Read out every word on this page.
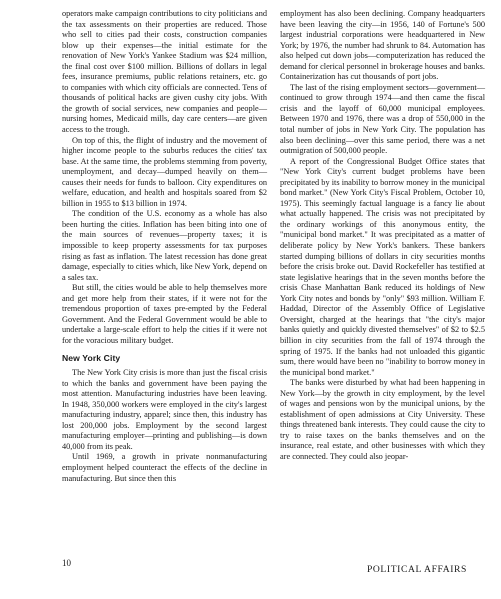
operators make campaign contributions to city politicians and the tax assessments on their properties are reduced. Those who sell to cities pad their costs, construction companies blow up their expenses—the initial estimate for the renovation of New York's Yankee Stadium was $24 million, the final cost over $100 million. Billions of dollars in legal fees, insurance premiums, public relations retainers, etc. go to companies with which city officials are connected. Tens of thousands of political hacks are given cushy city jobs. With the growth of social services, new companies and people—nursing homes, Medicaid mills, day care centers—are given access to the trough.

On top of this, the flight of industry and the movement of higher income people to the suburbs reduces the cities' tax base. At the same time, the problems stemming from poverty, unemployment, and decay—dumped heavily on them—causes their needs for funds to balloon. City expenditures on welfare, education, and health and hospitals soared from $2 billion in 1955 to $13 billion in 1974.

The condition of the U.S. economy as a whole has also been hurting the cities. Inflation has been biting into one of the main sources of revenues—property taxes; it is impossible to keep property assessments for tax purposes rising as fast as inflation. The latest recession has done great damage, especially to cities which, like New York, depend on a sales tax.

But still, the cities would be able to help themselves more and get more help from their states, if it were not for the tremendous proportion of taxes pre-empted by the Federal Government. And the Federal Government would be able to undertake a large-scale effort to help the cities if it were not for the voracious military budget.

New York City

The New York City crisis is more than just the fiscal crisis to which the banks and government have been paying the most attention. Manufacturing industries have been leaving. In 1948, 350,000 workers were employed in the city's largest manufacturing industry, apparel; since then, this industry has lost 200,000 jobs. Employment by the second largest manufacturing employer—printing and publishing—is down 40,000 from its peak.

Until 1969, a growth in private nonmanufacturing employment helped counteract the effects of the decline in manufacturing. But since then this

employment has also been declining. Company headquarters have been leaving the city—in 1956, 140 of Fortune's 500 largest industrial corporations were headquartered in New York; by 1976, the number had shrunk to 84. Automation has also helped cut down jobs—computerization has reduced the demand for clerical personnel in brokerage houses and banks. Containerization has cut thousands of port jobs.

The last of the rising employment sectors—government—continued to grow through 1974—and then came the fiscal crisis and the layoff of 60,000 municipal employees. Between 1970 and 1976, there was a drop of 550,000 in the total number of jobs in New York City. The population has also been declining—over this same period, there was a net outmigration of 500,000 people.

A report of the Congressional Budget Office states that "New York City's current budget problems have been precipitated by its inability to borrow money in the municipal bond market." (New York City's Fiscal Problem, October 10, 1975). This seemingly factual language is a fancy lie about what actually happened. The crisis was not precipitated by the ordinary workings of this anonymous entity, the "municipal bond market." It was precipitated as a matter of deliberate policy by New York's bankers. These bankers started dumping billions of dollars in city securities months before the crisis broke out. David Rockefeller has testified at state legislative hearings that in the seven months before the crisis Chase Manhattan Bank reduced its holdings of New York City notes and bonds by "only" $93 million. William F. Haddad, Director of the Assembly Office of Legislative Oversight, charged at the hearings that "the city's major banks quietly and quickly divested themselves" of $2 to $2.5 billion in city securities from the fall of 1974 through the spring of 1975. If the banks had not unloaded this gigantic sum, there would have been no "inability to borrow money in the municipal bond market."

The banks were disturbed by what had been happening in New York—by the growth in city employment, by the level of wages and pensions won by the municipal unions, by the establishment of open admissions at City University. These things threatened bank interests. They could cause the city to try to raise taxes on the banks themselves and on the insurance, real estate, and other businesses with which they are connected. They could also jeopar-

10
POLITICAL AFFAIRS
